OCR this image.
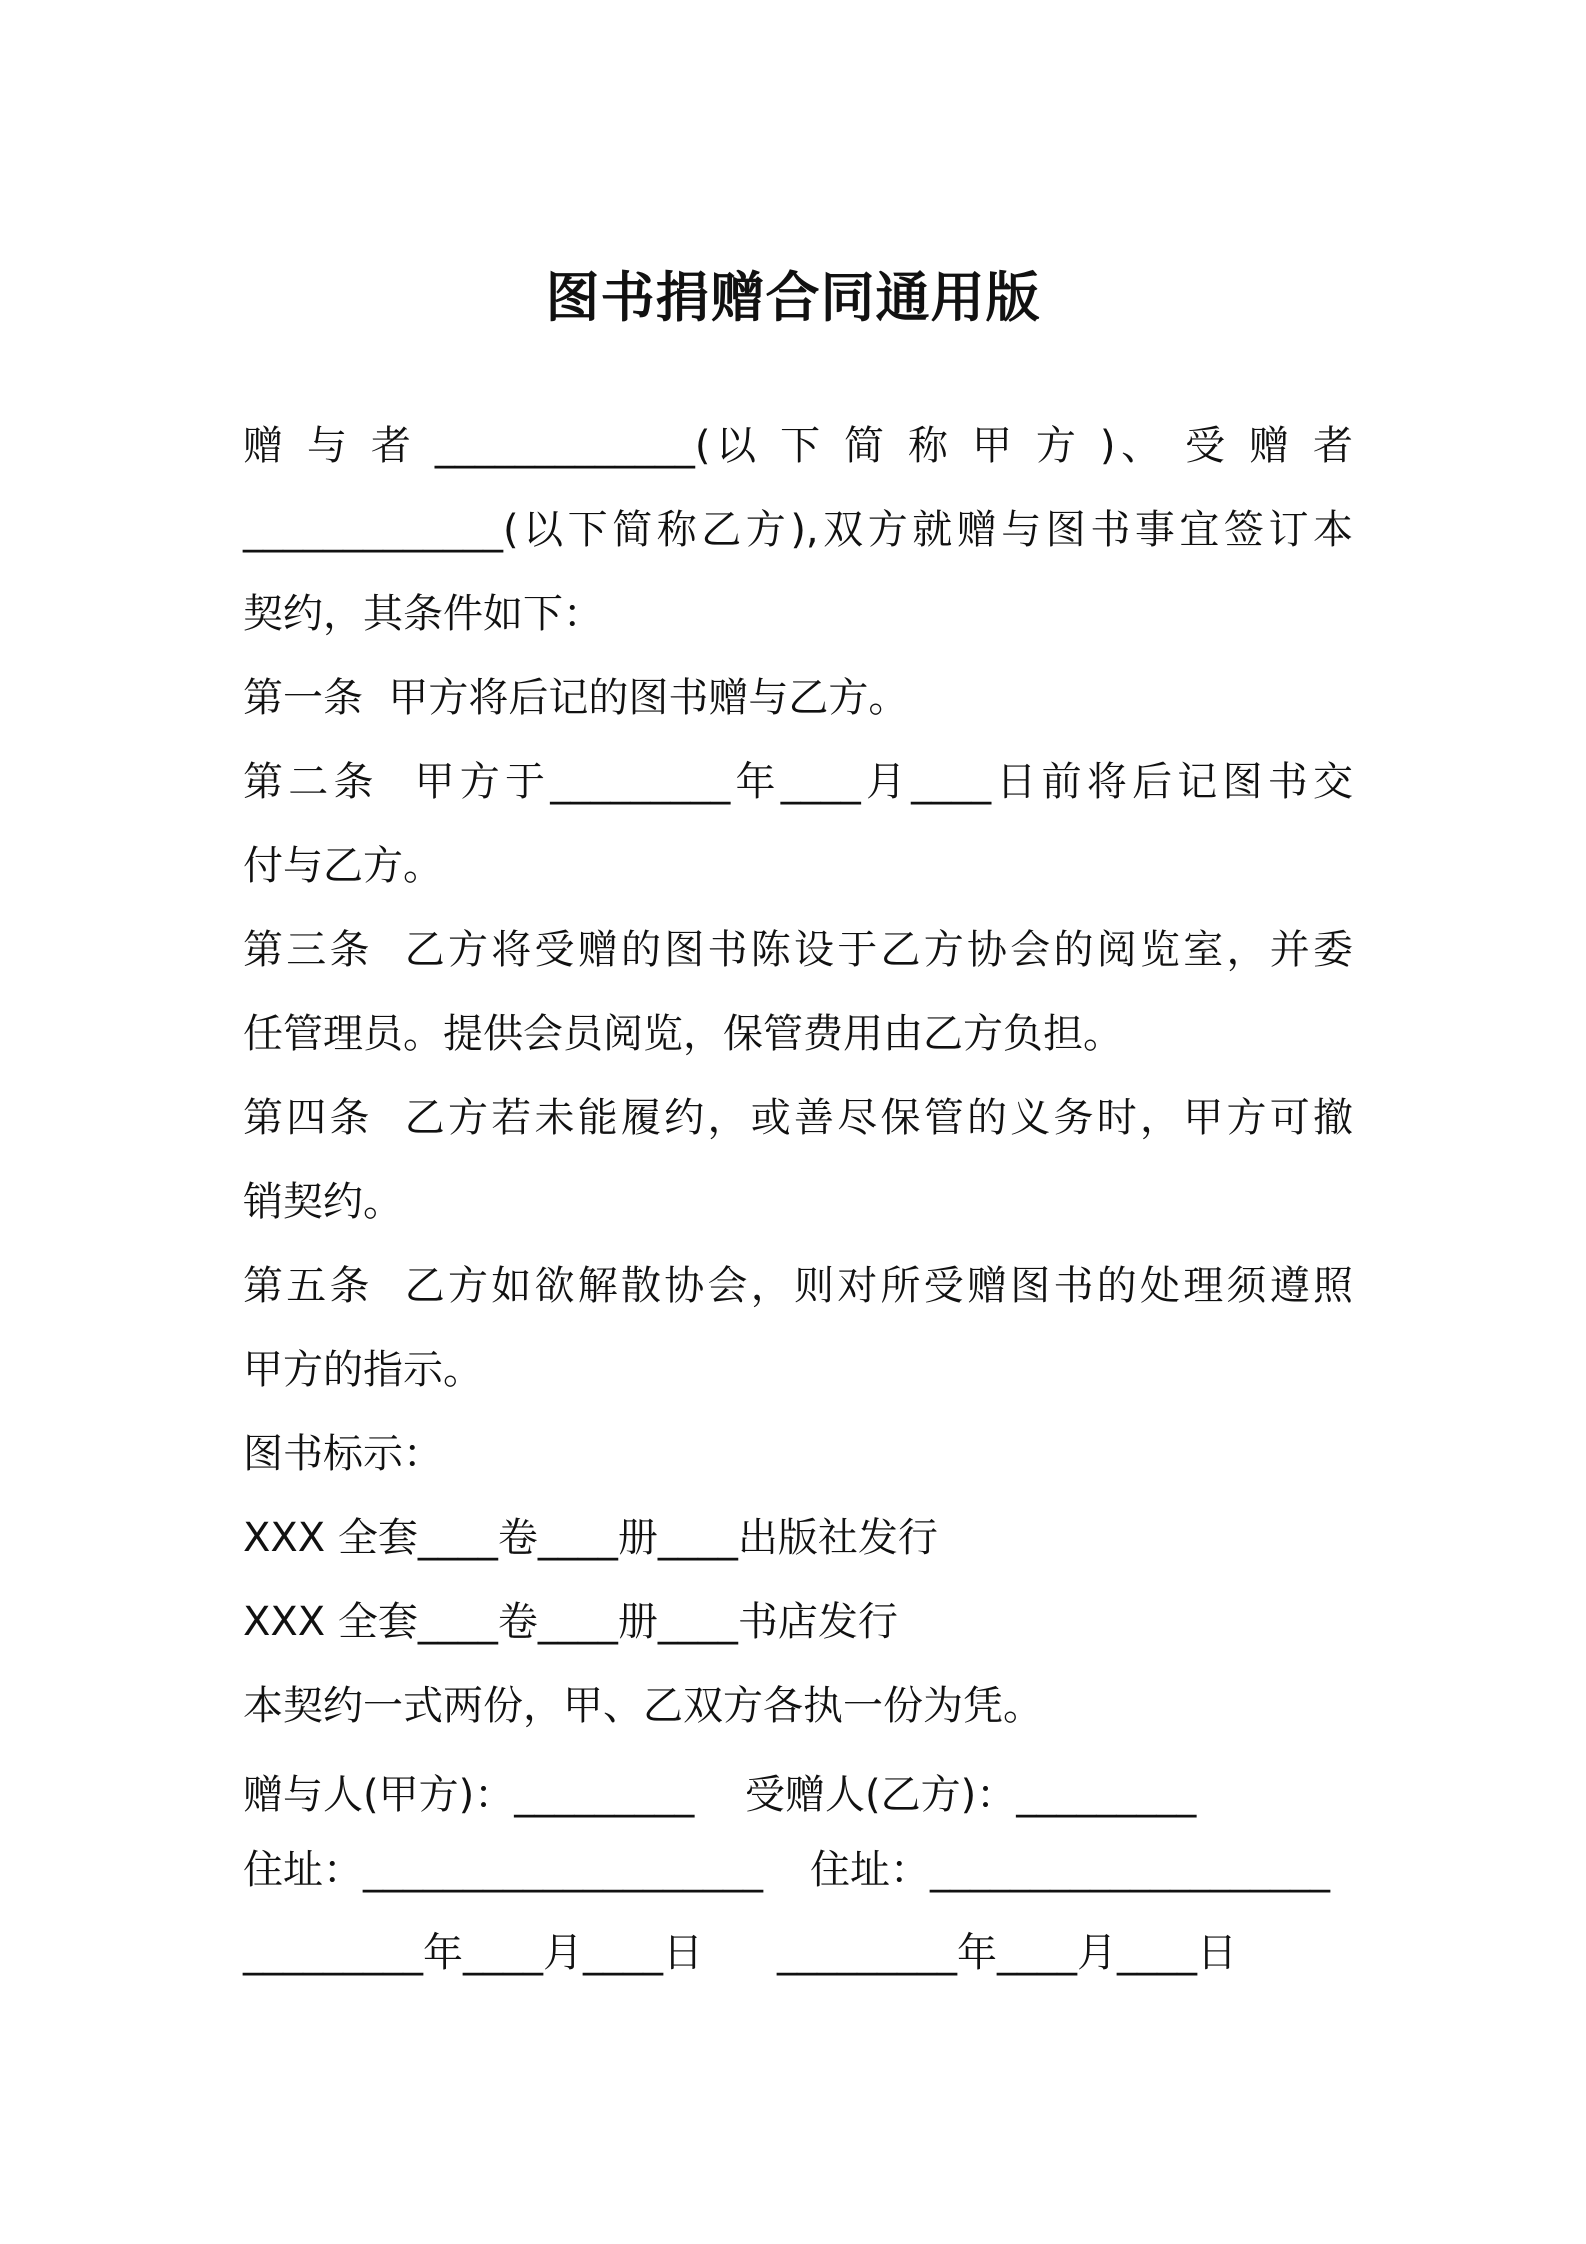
图书捐赠合同通用版
赠 与 者 _____________(以 下 简 称 甲 方 )、 受 赠 者
_____________(以下简称乙方),双方就赠与图书事宜签订本
契约，其条件如下：
第一条  甲方将后记的图书赠与乙方。
第二条  甲方于_________年____月____日前将后记图书交
付与乙方。
第三条  乙方将受赠的图书陈设于乙方协会的阅览室，并委
任管理员。提供会员阅览，保管费用由乙方负担。
第四条  乙方若未能履约，或善尽保管的义务时，甲方可撤
销契约。
第五条  乙方如欲解散协会，则对所受赠图书的处理须遵照
甲方的指示。
图书标示：
XXX 全套____卷____册____出版社发行
XXX 全套____卷____册____书店发行
本契约一式两份，甲、乙双方各执一份为凭。
赠与人(甲方)：_________ 受赠人(乙方)：_________
住址：____________________ 住址：____________________
_________年____月____日 _________年____月____日
